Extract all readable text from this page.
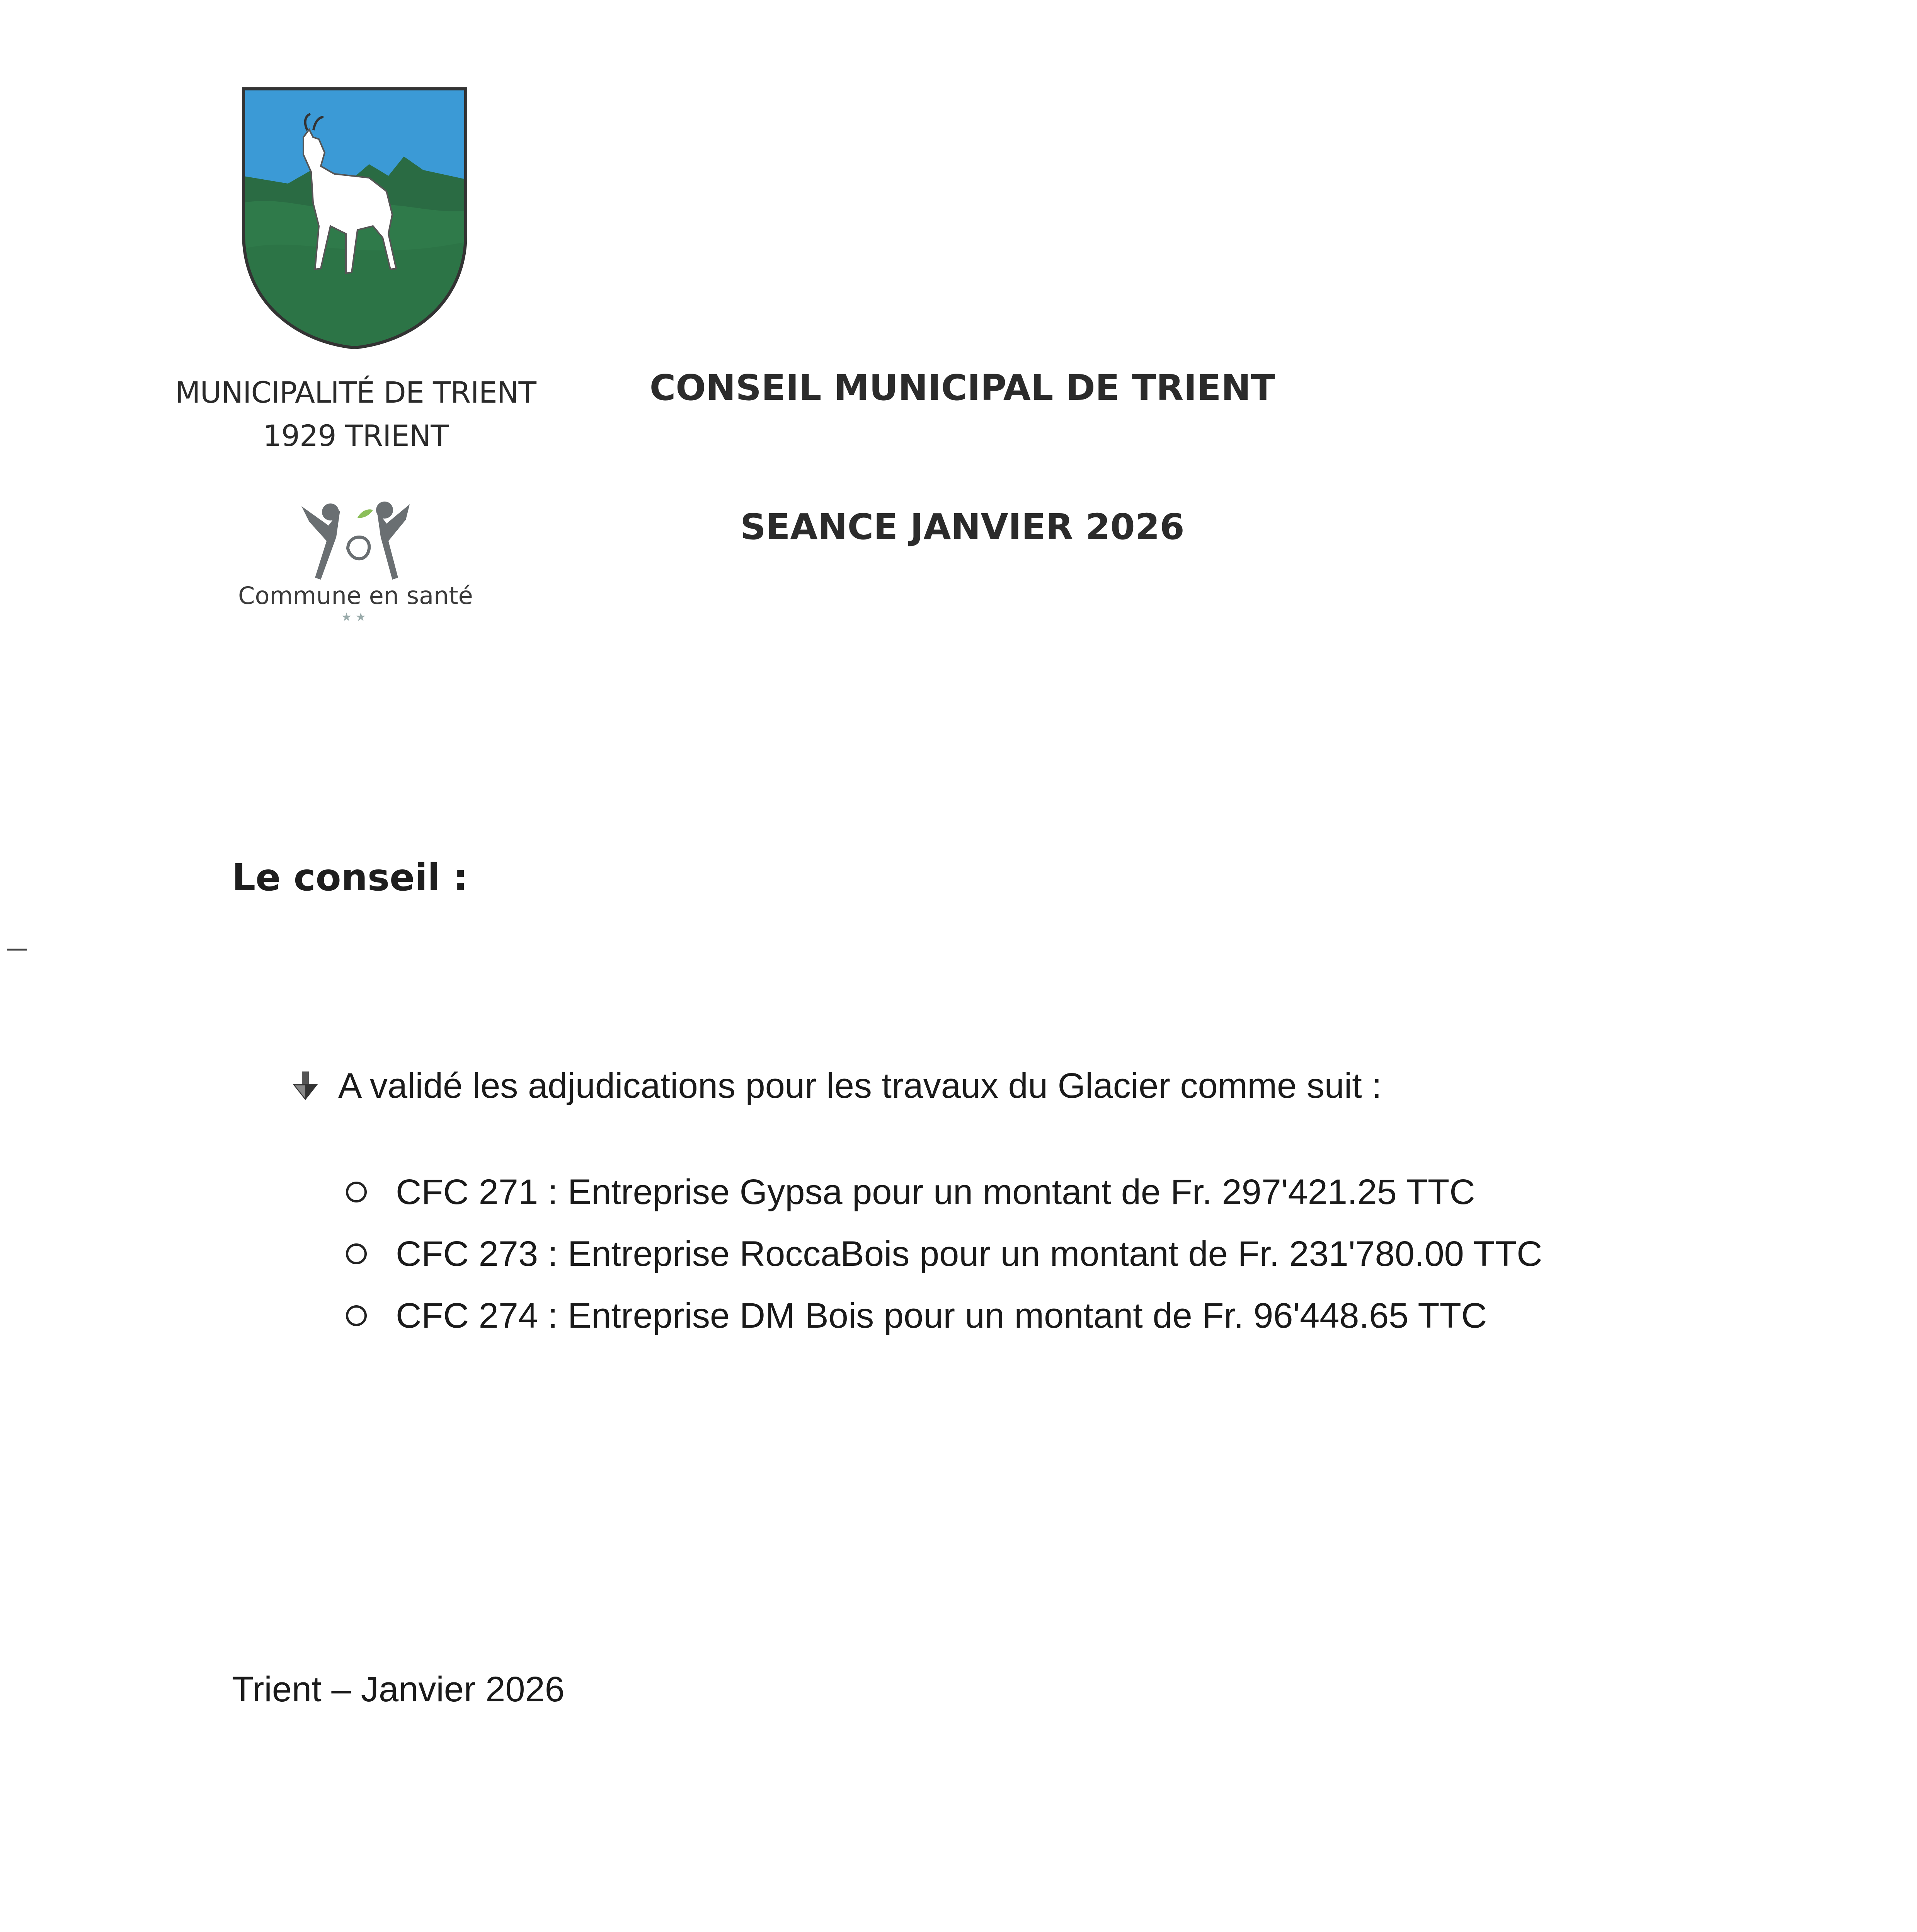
MUNICIPALITÉ DE TRIENT
1929 TRIENT
Commune en santé
★★
CONSEIL MUNICIPAL DE TRIENT
SEANCE JANVIER 2026
Le conseil :
A validé les adjudications pour les travaux du Glacier comme suit :
CFC 271 : Entreprise Gypsa pour un montant de Fr. 297'421.25 TTC
CFC 273 : Entreprise RoccaBois pour un montant de Fr. 231'780.00 TTC
CFC 274 : Entreprise DM Bois pour un montant de Fr. 96'448.65 TTC
Trient – Janvier 2026
